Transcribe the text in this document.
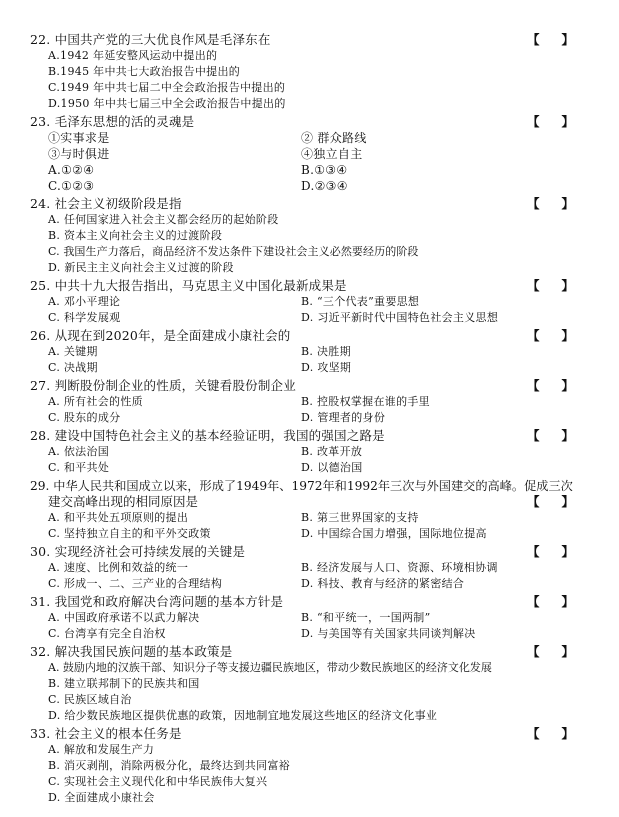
22. 中国共产党的三大优良作风是毛泽东在	【 】
A.1942 年延安整风运动中提出的
B.1945 年中共七大政治报告中提出的
C.1949 年中共七届二中全会政治报告中提出的
D.1950 年中共七届三中全会政治报告中提出的
23. 毛泽东思想的活的灵魂是	【 】
①实事求是	② 群众路线
③与时俱进	④独立自主
A.①②④	B.①③④
C.①②③	D.②③④
24. 社会主义初级阶段是指	【 】
A. 任何国家进入社会主义都会经历的起始阶段
B. 资本主义向社会主义的过渡阶段
C. 我国生产力落后，商品经济不发达条件下建设社会主义必然要经历的阶段
D. 新民主主义向社会主义过渡的阶段
25. 中共十九大报告指出，马克思主义中国化最新成果是	【 】
A. 邓小平理论	B. “三个代表”重要思想
C. 科学发展观	D. 习近平新时代中国特色社会主义思想
26. 从现在到2020年，是全面建成小康社会的	【 】
A. 关键期	B. 决胜期
C. 决战期	D. 攻坚期
27. 判断股份制企业的性质，关键看股份制企业	【 】
A. 所有社会的性质	B. 控股权掌握在谁的手里
C. 股东的成分	D. 管理者的身份
28. 建设中国特色社会主义的基本经验证明，我国的强国之路是	【 】
A. 依法治国	B. 改革开放
C. 和平共处	D. 以德治国
29. 中华人民共和国成立以来，形成了1949年、1972年和1992年三次与外国建交的高峰。促成三次
建交高峰出现的相同原因是	【 】
A. 和平共处五项原则的提出	B. 第三世界国家的支持
C. 坚持独立自主的和平外交政策	D. 中国综合国力增强，国际地位提高
30. 实现经济社会可持续发展的关键是	【 】
A. 速度、比例和效益的统一	B. 经济发展与人口、资源、环境相协调
C. 形成一、二、三产业的合理结构	D. 科技、教育与经济的紧密结合
31. 我国党和政府解决台湾问题的基本方针是	【 】
A. 中国政府承诺不以武力解决	B. “和平统一，一国两制”
C. 台湾享有完全自治权	D. 与美国等有关国家共同谈判解决
32. 解决我国民族问题的基本政策是	【 】
A. 鼓励内地的汉族干部、知识分子等支援边疆民族地区，带动少数民族地区的经济文化发展
B. 建立联邦制下的民族共和国
C. 民族区域自治
D. 给少数民族地区提供优惠的政策，因地制宜地发展这些地区的经济文化事业
33. 社会主义的根本任务是	【 】
A. 解放和发展生产力
B. 消灭剥削，消除两极分化，最终达到共同富裕
C. 实现社会主义现代化和中华民族伟大复兴
D. 全面建成小康社会
